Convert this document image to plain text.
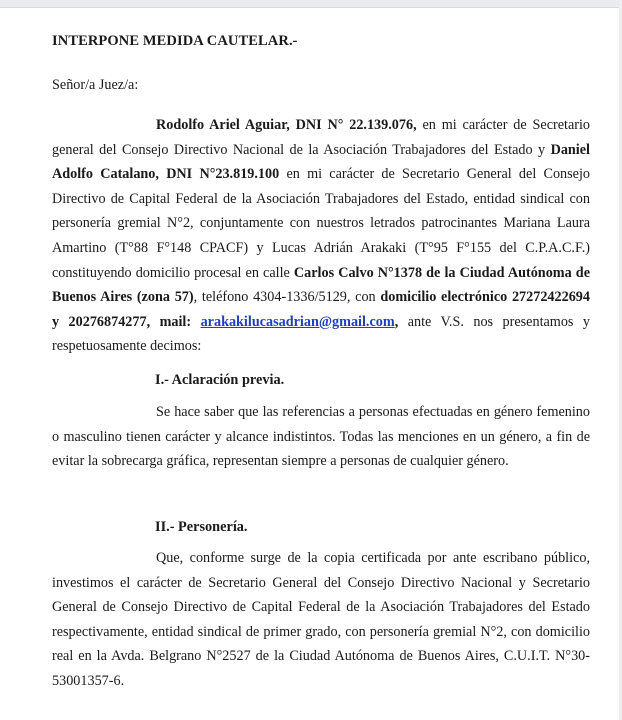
INTERPONE MEDIDA CAUTELAR.-
Señor/a Juez/a:
Rodolfo Ariel Aguiar, DNI N° 22.139.076, en mi carácter de Secretario general del Consejo Directivo Nacional de la Asociación Trabajadores del Estado y Daniel Adolfo Catalano, DNI N°23.819.100 en mi carácter de Secretario General del Consejo Directivo de Capital Federal de la Asociación Trabajadores del Estado, entidad sindical con personería gremial N°2, conjuntamente con nuestros letrados patrocinantes Mariana Laura Amartino (T°88 F°148 CPACF) y Lucas Adrián Arakaki (T°95 F°155 del C.P.A.C.F.) constituyendo domicilio procesal en calle Carlos Calvo N°1378 de la Ciudad Autónoma de Buenos Aires (zona 57), teléfono 4304-1336/5129, con domicilio electrónico 27272422694 y 20276874277, mail: arakakilucasadrian@gmail.com, ante V.S. nos presentamos y respetuosamente decimos:
I.- Aclaración previa.
Se hace saber que las referencias a personas efectuadas en género femenino o masculino tienen carácter y alcance indistintos. Todas las menciones en un género, a fin de evitar la sobrecarga gráfica, representan siempre a personas de cualquier género.
II.- Personería.
Que, conforme surge de la copia certificada por ante escribano público, investimos el carácter de Secretario General del Consejo Directivo Nacional y Secretario General de Consejo Directivo de Capital Federal de la Asociación Trabajadores del Estado respectivamente, entidad sindical de primer grado, con personería gremial N°2, con domicilio real en la Avda. Belgrano N°2527 de la Ciudad Autónoma de Buenos Aires, C.U.I.T. N°30-53001357-6.
